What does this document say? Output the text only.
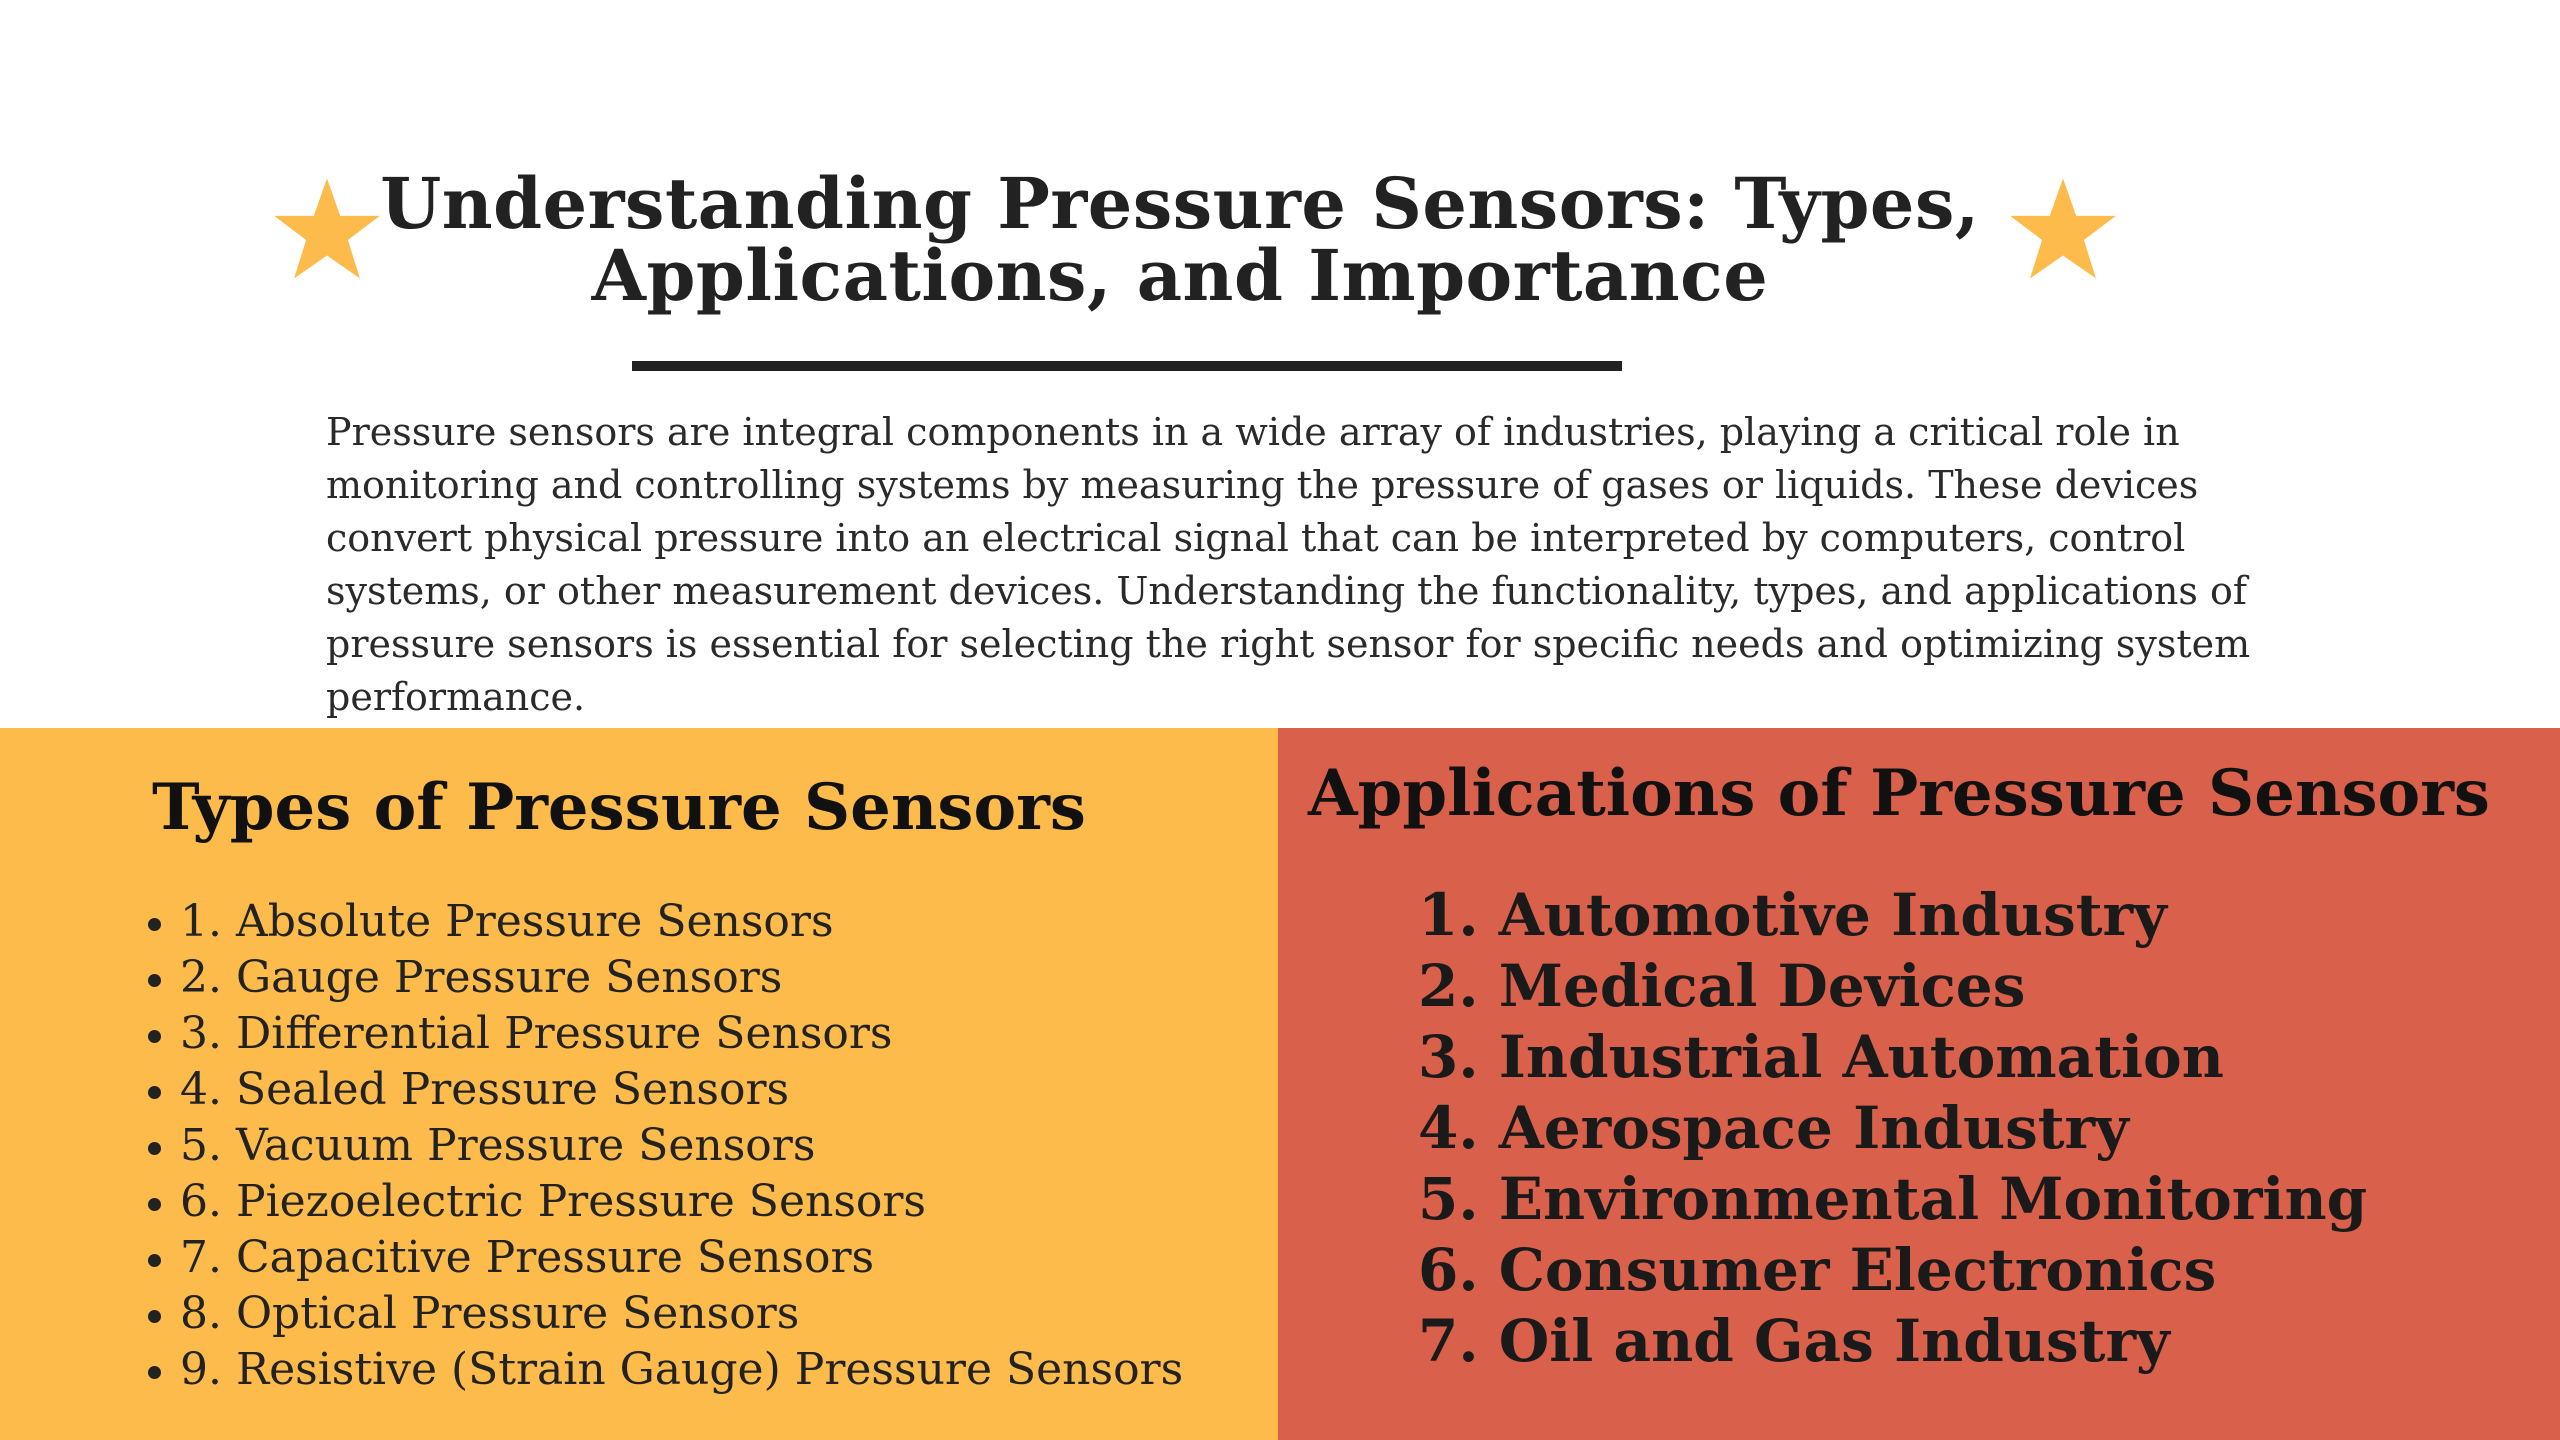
Understanding Pressure Sensors: Types,
Applications, and Importance

Pressure sensors are integral components in a wide array of industries, playing a critical role in monitoring and controlling systems by measuring the pressure of gases or liquids. These devices convert physical pressure into an electrical signal that can be interpreted by computers, control systems, or other measurement devices. Understanding the functionality, types, and applications of pressure sensors is essential for selecting the right sensor for specific needs and optimizing system performance.

Types of Pressure Sensors
1. Absolute Pressure Sensors
2. Gauge Pressure Sensors
3. Differential Pressure Sensors
4. Sealed Pressure Sensors
5. Vacuum Pressure Sensors
6. Piezoelectric Pressure Sensors
7. Capacitive Pressure Sensors
8. Optical Pressure Sensors
9. Resistive (Strain Gauge) Pressure Sensors
Applications of Pressure Sensors
1. Automotive Industry
2. Medical Devices
3. Industrial Automation
4. Aerospace Industry
5. Environmental Monitoring
6. Consumer Electronics
7. Oil and Gas Industry
